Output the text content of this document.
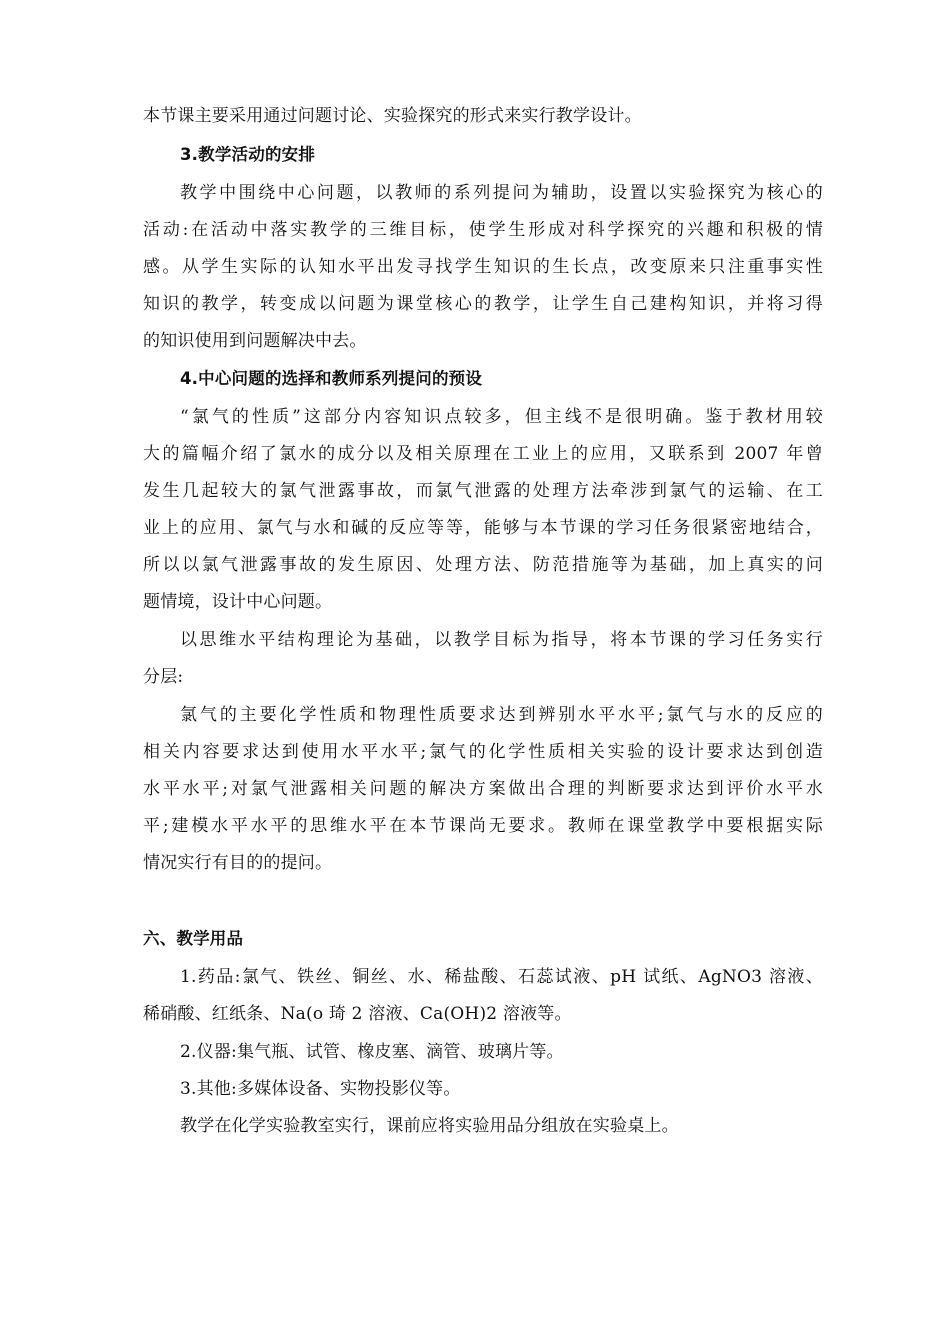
本节课主要采用通过问题讨论、实验探究的形式来实行教学设计。
3.教学活动的安排
教学中围绕中心问题，以教师的系列提问为辅助，设置以实验探究为核心的
活动:在活动中落实教学的三维目标，使学生形成对科学探究的兴趣和积极的情
感。从学生实际的认知水平出发寻找学生知识的生长点，改变原来只注重事实性
知识的教学，转变成以问题为课堂核心的教学，让学生自己建构知识，并将习得
的知识使用到问题解决中去。
4.中心问题的选择和教师系列提问的预设
“氯气的性质”这部分内容知识点较多，但主线不是很明确。鉴于教材用较
大的篇幅介绍了氯水的成分以及相关原理在工业上的应用，又联系到 2007 年曾
发生几起较大的氯气泄露事故，而氯气泄露的处理方法牵涉到氯气的运输、在工
业上的应用、氯气与水和碱的反应等等，能够与本节课的学习任务很紧密地结合，
所以以氯气泄露事故的发生原因、处理方法、防范措施等为基础，加上真实的问
题情境，设计中心问题。
以思维水平结构理论为基础，以教学目标为指导，将本节课的学习任务实行
分层:
氯气的主要化学性质和物理性质要求达到辨别水平水平;氯气与水的反应的
相关内容要求达到使用水平水平;氯气的化学性质相关实验的设计要求达到创造
水平水平;对氯气泄露相关问题的解决方案做出合理的判断要求达到评价水平水
平;建模水平水平的思维水平在本节课尚无要求。教师在课堂教学中要根据实际
情况实行有目的的提问。
六、教学用品
1.药品:氯气、铁丝、铜丝、水、稀盐酸、石蕊试液、pH 试纸、AgNO3 溶液、
稀硝酸、红纸条、Na(o 琦 2 溶液、Ca(OH)2 溶液等。
2.仪器:集气瓶、试管、橡皮塞、滴管、玻璃片等。
3.其他:多媒体设备、实物投影仪等。
教学在化学实验教室实行，课前应将实验用品分组放在实验桌上。
